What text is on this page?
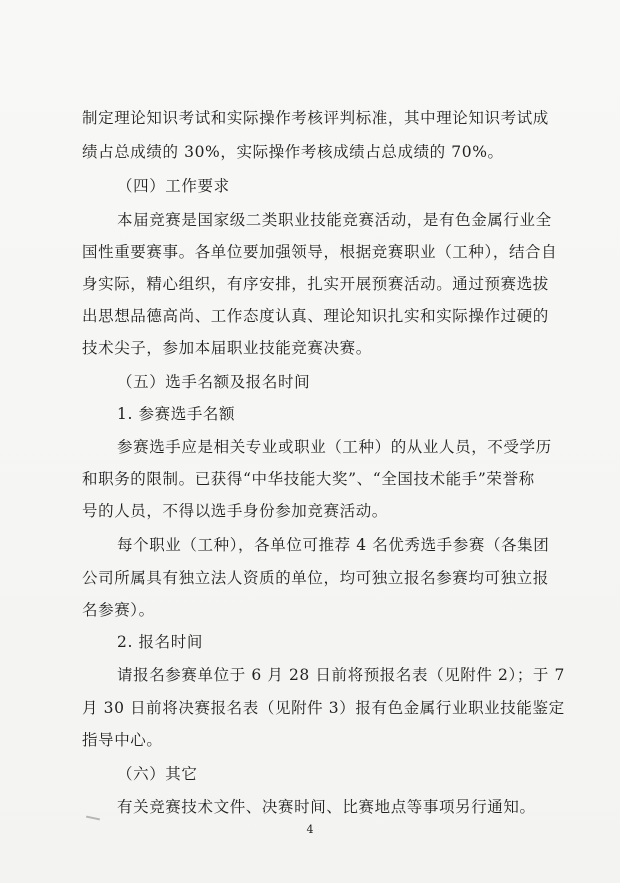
制定理论知识考试和实际操作考核评判标准，其中理论知识考试成
绩占总成绩的 30%，实际操作考核成绩占总成绩的 70%。
（四）工作要求
本届竞赛是国家级二类职业技能竞赛活动，是有色金属行业全
国性重要赛事。各单位要加强领导，根据竞赛职业（工种），结合自
身实际，精心组织，有序安排，扎实开展预赛活动。通过预赛选拔
出思想品德高尚、工作态度认真、理论知识扎实和实际操作过硬的
技术尖子，参加本届职业技能竞赛决赛。
（五）选手名额及报名时间
1. 参赛选手名额
参赛选手应是相关专业或职业（工种）的从业人员，不受学历
和职务的限制。已获得“中华技能大奖”、“全国技术能手”荣誉称
号的人员，不得以选手身份参加竞赛活动。
每个职业（工种），各单位可推荐 4 名优秀选手参赛（各集团
公司所属具有独立法人资质的单位，均可独立报名参赛均可独立报
名参赛）。
2. 报名时间
请报名参赛单位于 6 月 28 日前将预报名表（见附件 2）；于 7
月 30 日前将决赛报名表（见附件 3）报有色金属行业职业技能鉴定
指导中心。
（六）其它
有关竞赛技术文件、决赛时间、比赛地点等事项另行通知。
4
